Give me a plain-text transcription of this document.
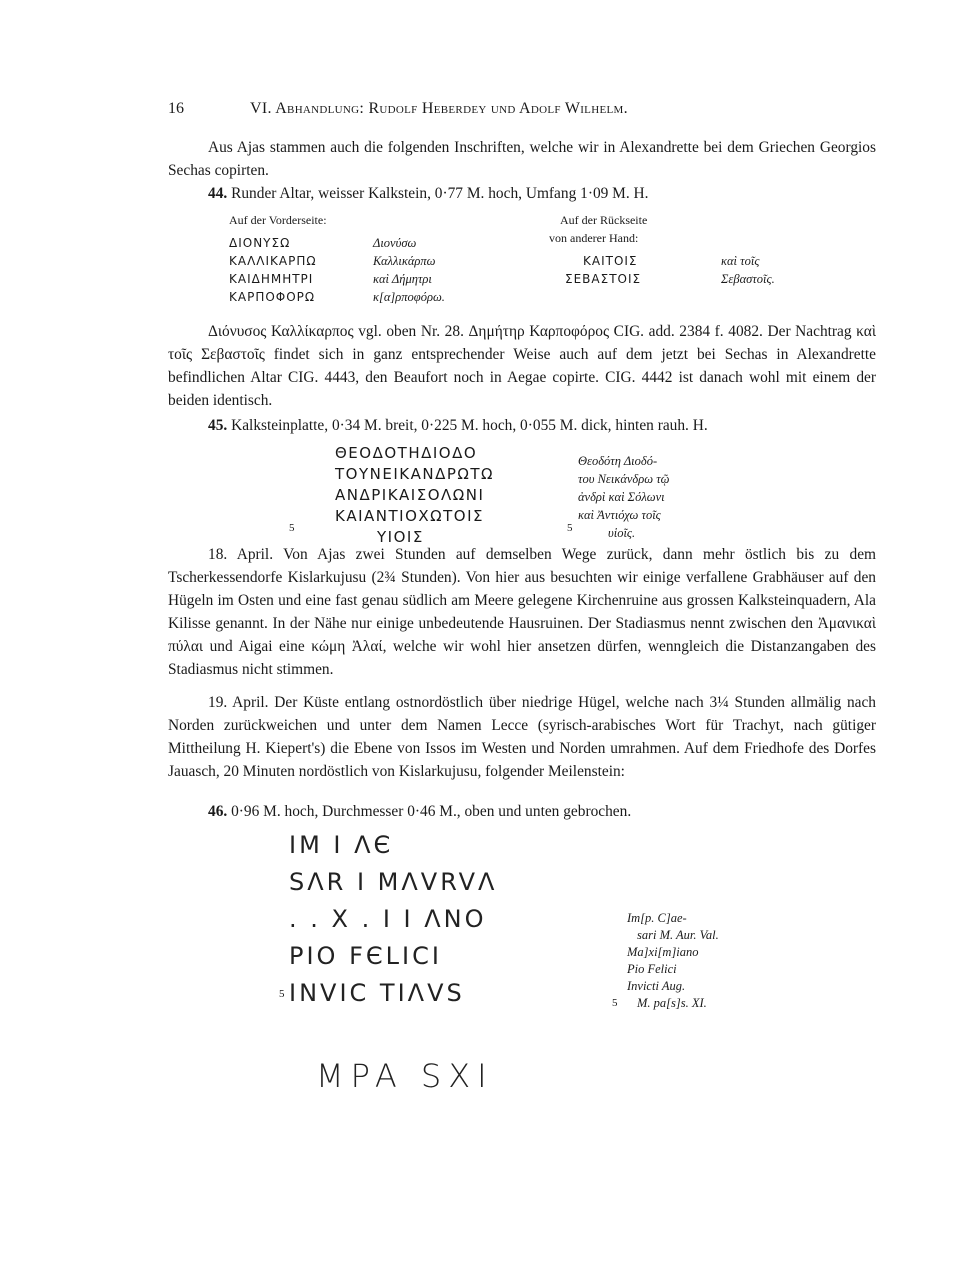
16	VI. Abhandlung: Rudolf Heberdey und Adolf Wilhelm.

Aus Ajas stammen auch die folgenden Inschriften, welche wir in Alexandrette bei dem Griechen Georgios Sechas copirten.

44. Runder Altar, weisser Kalkstein, 0·77 M. hoch, Umfang 1·09 M. H.

Auf der Vorderseite:	Auf der Rückseite
von anderer Hand:
ΔΙΟΝΥΣΩ
ΚΑΛΛΙΚΑΡΠΩ
ΚΑΙΔΗΜΗΤΡΙ
ΚΑΡΠΟΦΟΡΩ
Διονύσω
Καλλικάρπω
καὶ Δήμητρι
κ[α]ρποφόρω.
ΚΑΙΤΟΙΣ
ΣΕΒΑΣΤΟΙΣ
καὶ τοῖς
Σεβαστοῖς.

Διόνυσος Καλλίκαρπος vgl. oben Nr. 28. Δημήτηρ Καρποφόρος CIG. add. 2384 f. 4082. Der Nachtrag καὶ τοῖς Σεβαστοῖς findet sich in ganz entsprechender Weise auch auf dem jetzt bei Sechas in Alexandrette befindlichen Altar CIG. 4443, den Beaufort noch in Aegae copirte. CIG. 4442 ist danach wohl mit einem der beiden identisch.

45. Kalksteinplatte, 0·34 M. breit, 0·225 M. hoch, 0·055 M. dick, hinten rauh. H.

ΘΕΟΔΟΤΗΔΙΟΔΟ
ΤΟΥΝΕΙΚΑΝΔΡΩΤΩ
ΑΝΔΡΙΚΑΙΣΟΛΩΝΙ
ΚΑΙΑΝΤΙΟΧΩΤΟΙΣ
ΥΙΟΙΣ
5
Θεοδότη Διοδό-
του Νεικάνδρω τῷ
ἀνδρὶ καὶ Σόλωνι
καὶ Ἀντιόχω τοῖς
υἱοῖς.
5

18. April. Von Ajas zwei Stunden auf demselben Wege zurück, dann mehr östlich bis zu dem Tscherkessendorfe Kislarkujusu (2¾ Stunden). Von hier aus besuchten wir einige verfallene Grabhäuser auf den Hügeln im Osten und eine fast genau südlich am Meere gelegene Kirchenruine aus grossen Kalksteinquadern, Ala Kilisse genannt. In der Nähe nur einige unbedeutende Hausruinen. Der Stadiasmus nennt zwischen den Ἀμανικαὶ πύλαι und Aigai eine κώμη Ἀλαί, welche wir wohl hier ansetzen dürfen, wenngleich die Distanzangaben des Stadiasmus nicht stimmen.

19. April. Der Küste entlang ostnordöstlich über niedrige Hügel, welche nach 3¼ Stunden allmälig nach Norden zurückweichen und unter dem Namen Lecce (syrisch-arabisches Wort für Trachyt, nach gütiger Mittheilung H. Kiepert's) die Ebene von Issos im Westen und Norden umrahmen. Auf dem Friedhofe des Dorfes Jauasch, 20 Minuten nordöstlich von Kislarkujusu, folgender Meilenstein:

46. 0·96 M. hoch, Durchmesser 0·46 M., oben und unten gebrochen.

IM I ΛЄ
SΛR I MΛVRVΛ
. . X . I I ΛNO
PIO FЄLICI
INVIC TIΛVS
5
MPA SXI
Im[p. C]ae-
sari M. Aur. Val.
Ma]xi[m]iano
Pio Felici
Invicti Aug.
M. pa[s]s. XI.
5
